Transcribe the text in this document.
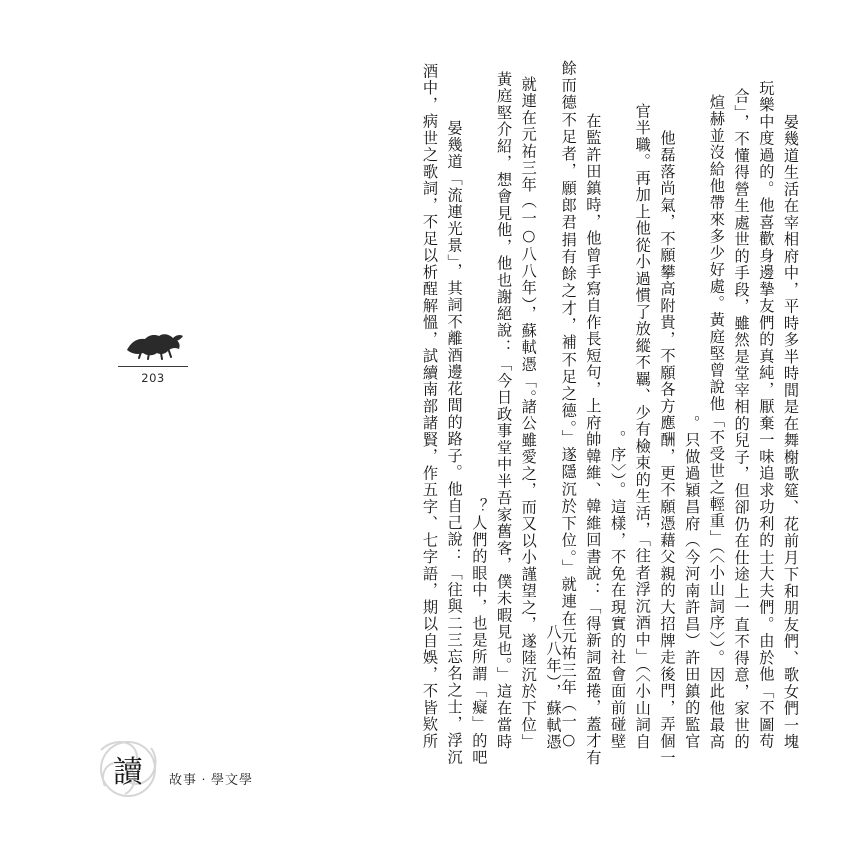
晏幾道生活在宰相府中，平時多半時間是在舞榭歌筵、花前月下和朋友們、歌女們一塊
玩樂中度過的。他喜歡身邊摯友們的真純，厭棄一味追求功利的士大夫們。由於他「不圖苟
合」，不懂得營生處世的手段，雖然是堂宰相的兒子，但卻仍在仕途上一直不得意，家世的
煊赫並沒給他帶來多少好處。黃庭堅曾說他「不受世之輕重」（〈小山詞序〉）。因此他最高
只做過穎昌府（今河南許昌）許田鎮的監官。
他磊落尚氣，不願攀高附貴，不願各方應酬，更不願憑藉父親的大招牌走後門，弄個一
官半職。再加上他從小過慣了放縱不羈、少有檢束的生活，「往者浮沉酒中」（〈小山詞自
序〉）。這樣，不免在現實的社會面前碰壁。
在監許田鎮時，他曾手寫自作長短句，上府帥韓維、韓維回書說：「得新詞盈捲，蓋才有
餘而德不足者，願郎君捐有餘之才，補不足之德。」遂隱沉於下位。」就連在元祐三年（一○八八年），蘇軾憑
「諸公雖愛之，而又以小謹望之，遂陸沉於下位。」就連在元祐三年（一○八八年），蘇軾憑
黃庭堅介紹，想會見他，他也謝絕說：「今日政事堂中半吾家舊客，僕未暇見也。」這在當時
人們的眼中，也是所謂「癡」的吧？
晏幾道「流連光景」，其詞不離酒邊花間的路子。他自己說：「往與二三忘名之士，浮沉
酒中，病世之歌詞，不足以析酲解慍，試續南部諸賢，作五字、七字語，期以自娛，不皆欵所
203
讀	故事‧學文學
